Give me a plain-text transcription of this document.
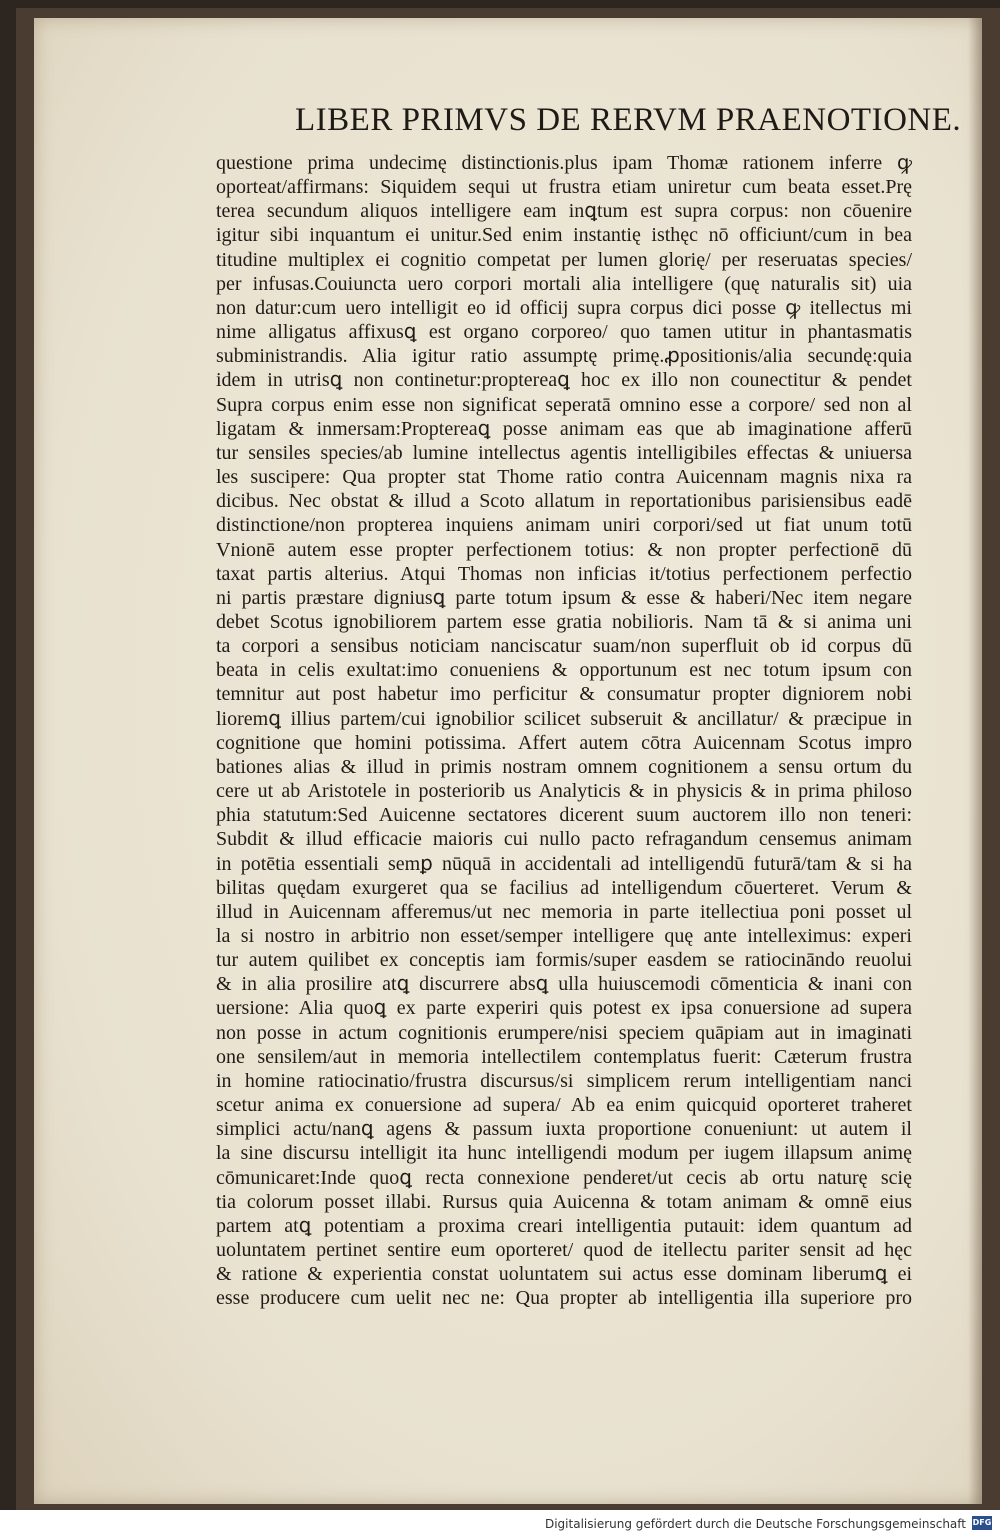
LIBER PRIMVS DE RERVM PRAENOTIONE.
questione prima undecimę distinctionis.plus ipam Thomæ rationem inferre ꝙ
oporteat/affirmans: Siquidem sequi ut frustra etiam uniretur cum beata esset.Prę
terea secundum aliquos intelligere eam inꝗtum est supra corpus: non cōuenire
igitur sibi inquantum ei unitur.Sed enim instantię isthęc nō officiunt/cum in bea
titudine multiplex ei cognitio competat per lumen glorię/ per reseruatas species/
per infusas.Couiuncta uero corpori mortali alia intelligere (quę naturalis sit) uia
non datur:cum uero intelligit eo id officij supra corpus dici posse ꝙ itellectus mi
nime alligatus affixusꝗ est organo corporeo/ quo tamen utitur in phantasmatis
subministrandis. Alia igitur ratio assumptę primę.ꝓpositionis/alia secundę:quia
idem in utrisꝗ non continetur:proptereaꝗ hoc ex illo non counectitur & pendet
Supra corpus enim esse non significat seperatā omnino esse a corpore/ sed non al
ligatam & inmersam:Proptereaꝗ posse animam eas que ab imaginatione afferū
tur sensiles species/ab lumine intellectus agentis intelligibiles effectas & uniuersa
les suscipere: Qua propter stat Thome ratio contra Auicennam magnis nixa ra
dicibus. Nec obstat & illud a Scoto allatum in reportationibus parisiensibus eadē
distinctione/non propterea inquiens animam uniri corpori/sed ut fiat unum totū
Vnionē autem esse propter perfectionem totius: & non propter perfectionē dū
taxat partis alterius. Atqui Thomas non inficias it/totius perfectionem perfectio
ni partis præstare digniusꝗ parte totum ipsum & esse & haberi/Nec item negare
debet Scotus ignobiliorem partem esse gratia nobilioris. Nam tā & si anima uni
ta corpori a sensibus noticiam nanciscatur suam/non superfluit ob id corpus dū
beata in celis exultat:imo conueniens & opportunum est nec totum ipsum con
temnitur aut post habetur imo perficitur & consumatur propter digniorem nobi
lioremꝗ illius partem/cui ignobilior scilicet subseruit & ancillatur/ & præcipue in
cognitione que homini potissima. Affert autem cōtra Auicennam Scotus impro
bationes alias & illud in primis nostram omnem cognitionem a sensu ortum du
cere ut ab Aristotele in posteriorib us Analyticis & in physicis & in prima philoso
phia statutum:Sed Auicenne sectatores dicerent suum auctorem illo non teneri:
Subdit & illud efficacie maioris cui nullo pacto refragandum censemus animam
in potētia essentiali semꝑ nūquā in accidentali ad intelligendū futurā/tam & si ha
bilitas quędam exurgeret qua se facilius ad intelligendum cōuerteret. Verum &
illud in Auicennam afferemus/ut nec memoria in parte itellectiua poni posset ul
la si nostro in arbitrio non esset/semper intelligere quę ante intelleximus: experi
tur autem quilibet ex conceptis iam formis/super easdem se ratiocināndo reuolui
& in alia prosilire atꝗ discurrere absꝗ ulla huiuscemodi cōmenticia & inani con
uersione: Alia quoꝗ ex parte experiri quis potest ex ipsa conuersione ad supera
non posse in actum cognitionis erumpere/nisi speciem quāpiam aut in imaginati
one sensilem/aut in memoria intellectilem contemplatus fuerit: Cæterum frustra
in homine ratiocinatio/frustra discursus/si simplicem rerum intelligentiam nanci
scetur anima ex conuersione ad supera/ Ab ea enim quicquid oporteret traheret
simplici actu/nanꝗ agens & passum iuxta proportione conueniunt: ut autem il
la sine discursu intelligit ita hunc intelligendi modum per iugem illapsum animę
cōmunicaret:Inde quoꝗ recta connexione penderet/ut cecis ab ortu naturę scię
tia colorum posset illabi. Rursus quia Auicenna & totam animam & omnē eius
partem atꝗ potentiam a proxima creari intelligentia putauit: idem quantum ad
uoluntatem pertinet sentire eum oporteret/ quod de itellectu pariter sensit ad hęc
& ratione & experientia constat uoluntatem sui actus esse dominam liberumꝗ ei
esse producere cum uelit nec ne: Qua propter ab intelligentia illa superiore pro
Digitalisierung gefördert durch die Deutsche Forschungsgemeinschaft DFG
